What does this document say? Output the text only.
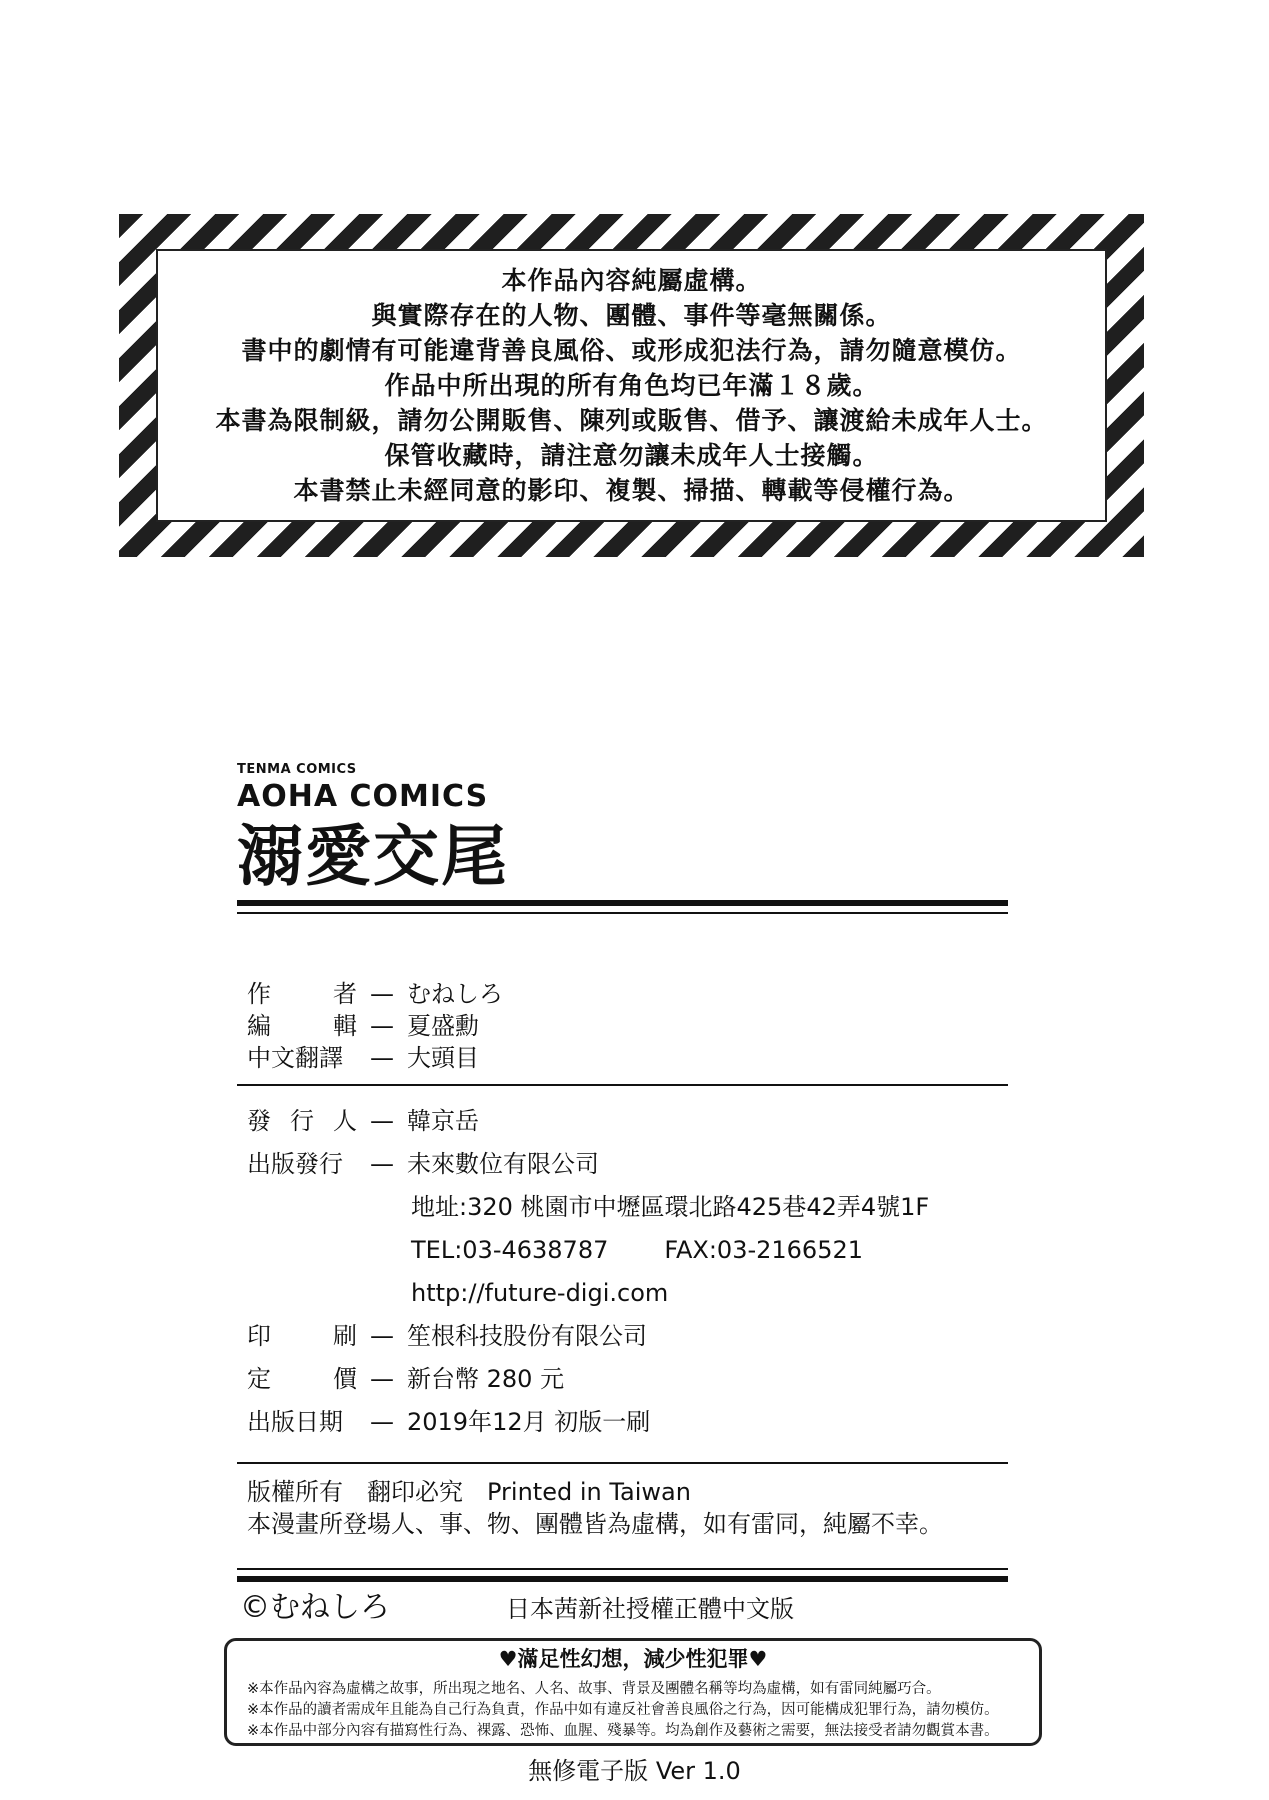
本作品內容純屬虛構。
與實際存在的人物、團體、事件等毫無關係。
書中的劇情有可能違背善良風俗、或形成犯法行為，請勿隨意模仿。
作品中所出現的所有角色均已年滿１８歲。
本書為限制級，請勿公開販售、陳列或販售、借予、讓渡給未成年人士。
保管收藏時，請注意勿讓未成年人士接觸。
本書禁止未經同意的影印、複製、掃描、轉載等侵權行為。
TENMA COMICS
AOHA COMICS
溺愛交尾
作	者 — むねしろ
編	輯 — 夏盛勳
中文翻譯	— 大頭目
發 行 人 — 韓京岳
出版發行	— 未來數位有限公司
地址:320 桃園市中壢區環北路425巷42弄4號1F
TEL:03-4638787 FAX:03-2166521
http://future-digi.com
印	刷 — 笙根科技股份有限公司
定	價 — 新台幣 280 元
出版日期	— 2019年12月 初版一刷
版權所有　翻印必究 Printed in Taiwan
本漫畫所登場人、事、物、團體皆為虛構，如有雷同，純屬不幸。
©むねしろ	日本茜新社授權正體中文版
♥滿足性幻想，減少性犯罪♥
※本作品內容為虛構之故事，所出現之地名、人名、故事、背景及團體名稱等均為虛構，如有雷同純屬巧合。
※本作品的讀者需成年且能為自己行為負責，作品中如有違反社會善良風俗之行為，因可能構成犯罪行為，請勿模仿。
※本作品中部分內容有描寫性行為、裸露、恐怖、血腥、殘暴等。均為創作及藝術之需要，無法接受者請勿觀賞本書。
無修電子版 Ver 1.0
